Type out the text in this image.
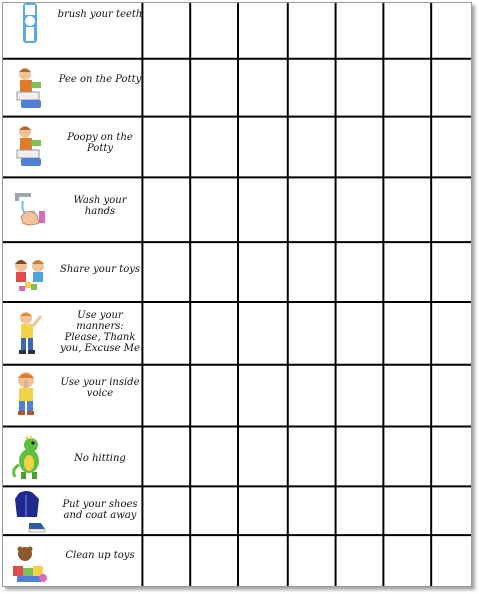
brush your teeth
Pee on the Potty
Poopy on the Potty
Wash your hands
Share your toys
Use your manners: Please, Thank you, Excuse Me
Use your inside voice
No hitting
Put your shoes and coat away
Clean up toys
